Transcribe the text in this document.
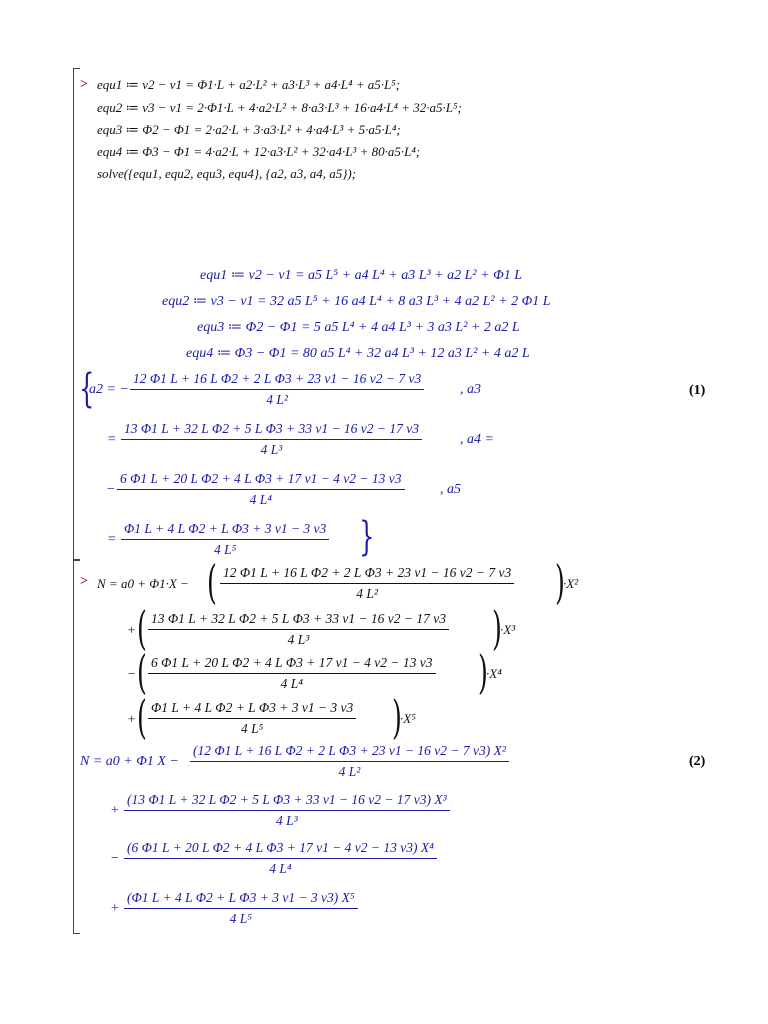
> equ1 ≔ v2 − v1 = Φ1·L + a2·L² + a3·L³ + a4·L⁴ + a5·L⁵;
equ2 ≔ v3 − v1 = 2·Φ1·L + 4·a2·L² + 8·a3·L³ + 16·a4·L⁴ + 32·a5·L⁵;
equ3 ≔ Φ2 − Φ1 = 2·a2·L + 3·a3·L² + 4·a4·L³ + 5·a5·L⁴;
equ4 ≔ Φ3 − Φ1 = 4·a2·L + 12·a3·L² + 32·a4·L³ + 80·a5·L⁴;
solve({equ1, equ2, equ3, equ4}, {a2, a3, a4, a5});
equ1 ≔ v2 − v1 = a5 L⁵ + a4 L⁴ + a3 L³ + a2 L² + Φ1 L
equ2 ≔ v3 − v1 = 32 a5 L⁵ + 16 a4 L⁴ + 8 a3 L³ + 4 a2 L² + 2 Φ1 L
equ3 ≔ Φ2 − Φ1 = 5 a5 L⁴ + 4 a4 L³ + 3 a3 L² + 2 a2 L
equ4 ≔ Φ3 − Φ1 = 80 a5 L⁴ + 32 a4 L³ + 12 a3 L² + 4 a2 L
{
a2 = − $\frac{\text{12 Φ1 L + 16 L Φ2 + 2 L Φ3 + 23 v1 − 16 v2 − 7 v3}}{\text{4 L²}}$	, a3	(1)
= $\frac{\text{13 Φ1 L + 32 L Φ2 + 5 L Φ3 + 33 v1 − 16 v2 − 17 v3}}{\text{4 L³}}$	, a4 =
− $\frac{\text{6 Φ1 L + 20 L Φ2 + 4 L Φ3 + 17 v1 − 4 v2 − 13 v3}}{\text{4 L⁴}}$	, a5
= $\frac{\text{Φ1 L + 4 L Φ2 + L Φ3 + 3 v1 − 3 v3}}{\text{4 L⁵}}$ }
> N = a0 + Φ1·X − ( $\frac{\text{12 Φ1 L + 16 L Φ2 + 2 L Φ3 + 23 v1 − 16 v2 − 7 v3}}{\text{4 L²}}$ )
·X²
+ ( $\frac{\text{13 Φ1 L + 32 L Φ2 + 5 L Φ3 + 33 v1 − 16 v2 − 17 v3}}{\text{4 L³}}$ )
·X³
− ( $\frac{\text{6 Φ1 L + 20 L Φ2 + 4 L Φ3 + 17 v1 − 4 v2 − 13 v3}}{\text{4 L⁴}}$ )
·X⁴
+ ( $\frac{\text{Φ1 L + 4 L Φ2 + L Φ3 + 3 v1 − 3 v3}}{\text{4 L⁵}}$ )
·X⁵
N = a0 + Φ1 $X - \frac{\text{(12 Φ1 L + 16 L Φ2 + 2 L Φ3 + 23 v1 − 16 v2 − 7 v3) X²}}{\text{4 L²}}$	(2)
+ $\frac{\text{(13 Φ1 L + 32 L Φ2 + 5 L Φ3 + 33 v1 − 16 v2 − 17 v3) X³}}{\text{4 L³}}$
− $\frac{\text{(6 Φ1 L + 20 L Φ2 + 4 L Φ3 + 17 v1 − 4 v2 − 13 v3) X⁴}}{\text{4 L⁴}}$
+ $\frac{\text{(Φ1 L + 4 L Φ2 + L Φ3 + 3 v1 − 3 v3) X⁵}}{\text{4 L⁵}}$
